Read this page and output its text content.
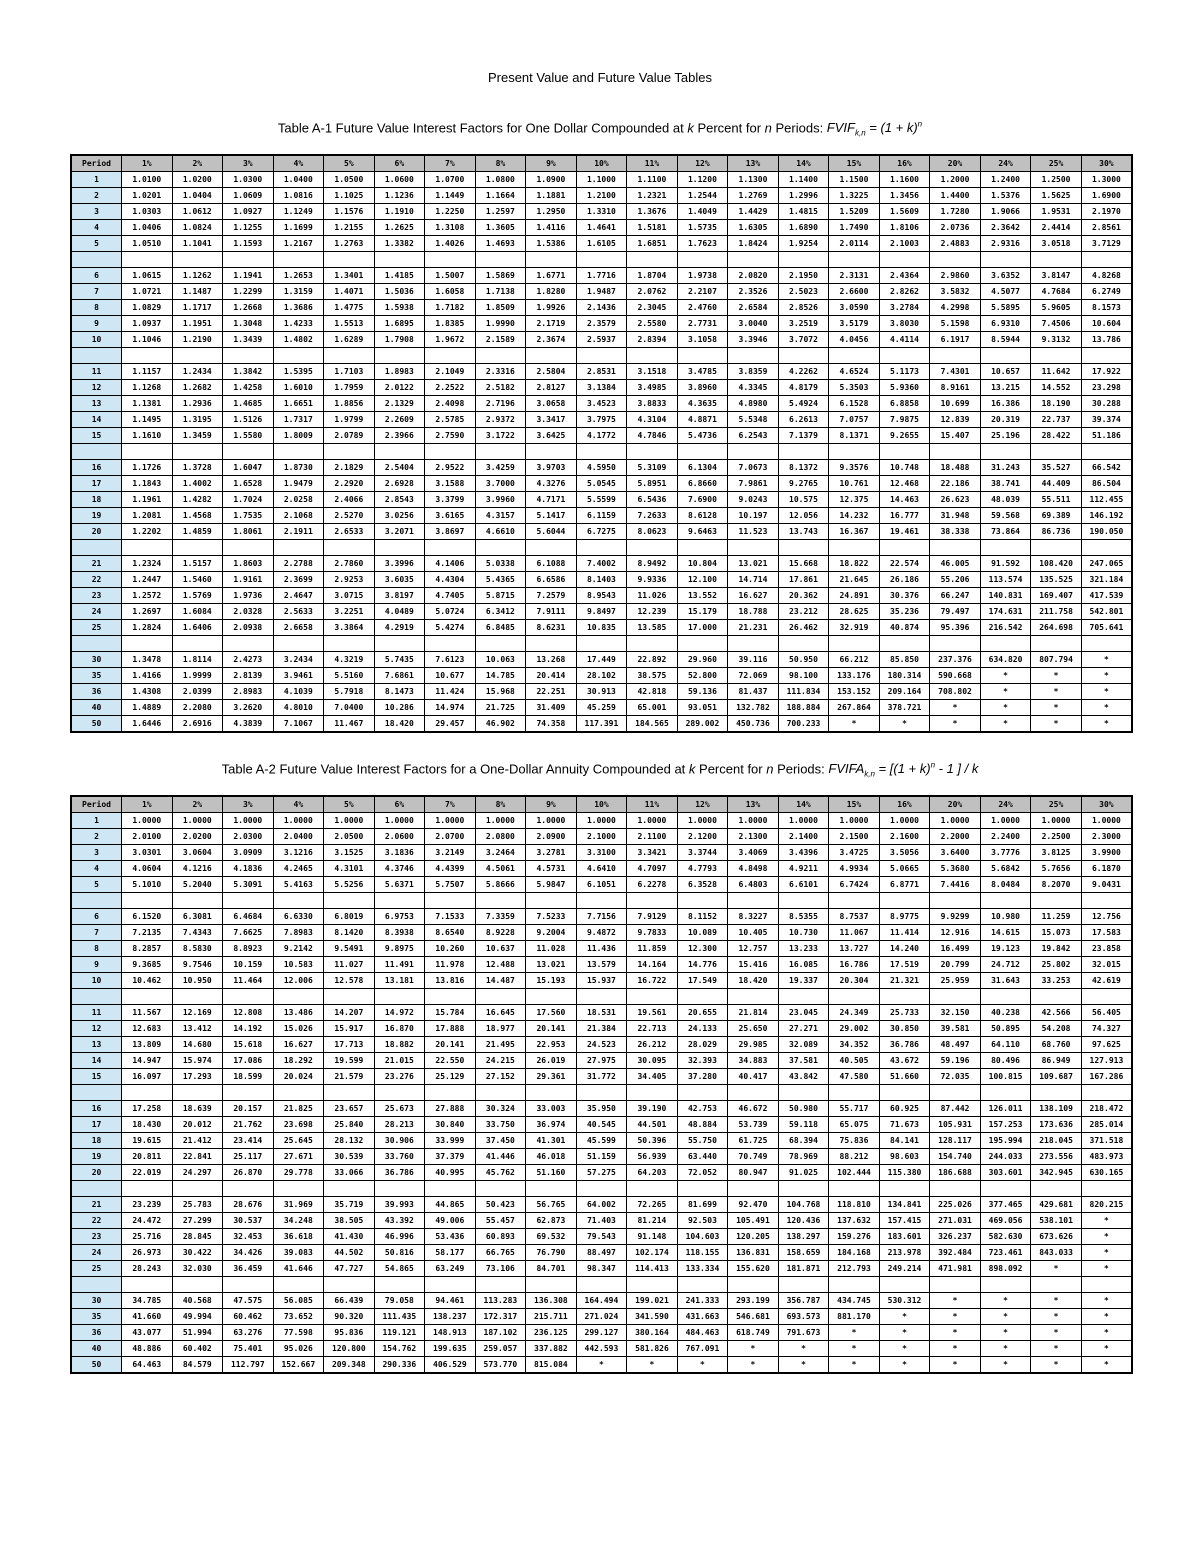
Present Value and Future Value Tables
Table A-1 Future Value Interest Factors for One Dollar Compounded at k Percent for n Periods: $FVIF_{k,n} = (1 + k)^n$
Period	1%	2%	3%	4%	5%	6%	7%	8%	9%	10%	11%	12%	13%	14%	15%	16%	20%	24%	25%	30%
1	1.0100	1.0200	1.0300	1.0400	1.0500	1.0600	1.0700	1.0800	1.0900	1.1000	1.1100	1.1200	1.1300	1.1400	1.1500	1.1600	1.2000	1.2400	1.2500	1.3000
2	1.0201	1.0404	1.0609	1.0816	1.1025	1.1236	1.1449	1.1664	1.1881	1.2100	1.2321	1.2544	1.2769	1.2996	1.3225	1.3456	1.4400	1.5376	1.5625	1.6900
3	1.0303	1.0612	1.0927	1.1249	1.1576	1.1910	1.2250	1.2597	1.2950	1.3310	1.3676	1.4049	1.4429	1.4815	1.5209	1.5609	1.7280	1.9066	1.9531	2.1970
4	1.0406	1.0824	1.1255	1.1699	1.2155	1.2625	1.3108	1.3605	1.4116	1.4641	1.5181	1.5735	1.6305	1.6890	1.7490	1.8106	2.0736	2.3642	2.4414	2.8561
5	1.0510	1.1041	1.1593	1.2167	1.2763	1.3382	1.4026	1.4693	1.5386	1.6105	1.6851	1.7623	1.8424	1.9254	2.0114	2.1003	2.4883	2.9316	3.0518	3.7129

6	1.0615	1.1262	1.1941	1.2653	1.3401	1.4185	1.5007	1.5869	1.6771	1.7716	1.8704	1.9738	2.0820	2.1950	2.3131	2.4364	2.9860	3.6352	3.8147	4.8268
7	1.0721	1.1487	1.2299	1.3159	1.4071	1.5036	1.6058	1.7138	1.8280	1.9487	2.0762	2.2107	2.3526	2.5023	2.6600	2.8262	3.5832	4.5077	4.7684	6.2749
8	1.0829	1.1717	1.2668	1.3686	1.4775	1.5938	1.7182	1.8509	1.9926	2.1436	2.3045	2.4760	2.6584	2.8526	3.0590	3.2784	4.2998	5.5895	5.9605	8.1573
9	1.0937	1.1951	1.3048	1.4233	1.5513	1.6895	1.8385	1.9990	2.1719	2.3579	2.5580	2.7731	3.0040	3.2519	3.5179	3.8030	5.1598	6.9310	7.4506	10.604
10	1.1046	1.2190	1.3439	1.4802	1.6289	1.7908	1.9672	2.1589	2.3674	2.5937	2.8394	3.1058	3.3946	3.7072	4.0456	4.4114	6.1917	8.5944	9.3132	13.786

11	1.1157	1.2434	1.3842	1.5395	1.7103	1.8983	2.1049	2.3316	2.5804	2.8531	3.1518	3.4785	3.8359	4.2262	4.6524	5.1173	7.4301	10.657	11.642	17.922
12	1.1268	1.2682	1.4258	1.6010	1.7959	2.0122	2.2522	2.5182	2.8127	3.1384	3.4985	3.8960	4.3345	4.8179	5.3503	5.9360	8.9161	13.215	14.552	23.298
13	1.1381	1.2936	1.4685	1.6651	1.8856	2.1329	2.4098	2.7196	3.0658	3.4523	3.8833	4.3635	4.8980	5.4924	6.1528	6.8858	10.699	16.386	18.190	30.288
14	1.1495	1.3195	1.5126	1.7317	1.9799	2.2609	2.5785	2.9372	3.3417	3.7975	4.3104	4.8871	5.5348	6.2613	7.0757	7.9875	12.839	20.319	22.737	39.374
15	1.1610	1.3459	1.5580	1.8009	2.0789	2.3966	2.7590	3.1722	3.6425	4.1772	4.7846	5.4736	6.2543	7.1379	8.1371	9.2655	15.407	25.196	28.422	51.186

16	1.1726	1.3728	1.6047	1.8730	2.1829	2.5404	2.9522	3.4259	3.9703	4.5950	5.3109	6.1304	7.0673	8.1372	9.3576	10.748	18.488	31.243	35.527	66.542
17	1.1843	1.4002	1.6528	1.9479	2.2920	2.6928	3.1588	3.7000	4.3276	5.0545	5.8951	6.8660	7.9861	9.2765	10.761	12.468	22.186	38.741	44.409	86.504
18	1.1961	1.4282	1.7024	2.0258	2.4066	2.8543	3.3799	3.9960	4.7171	5.5599	6.5436	7.6900	9.0243	10.575	12.375	14.463	26.623	48.039	55.511	112.455
19	1.2081	1.4568	1.7535	2.1068	2.5270	3.0256	3.6165	4.3157	5.1417	6.1159	7.2633	8.6128	10.197	12.056	14.232	16.777	31.948	59.568	69.389	146.192
20	1.2202	1.4859	1.8061	2.1911	2.6533	3.2071	3.8697	4.6610	5.6044	6.7275	8.0623	9.6463	11.523	13.743	16.367	19.461	38.338	73.864	86.736	190.050

21	1.2324	1.5157	1.8603	2.2788	2.7860	3.3996	4.1406	5.0338	6.1088	7.4002	8.9492	10.804	13.021	15.668	18.822	22.574	46.005	91.592	108.420	247.065
22	1.2447	1.5460	1.9161	2.3699	2.9253	3.6035	4.4304	5.4365	6.6586	8.1403	9.9336	12.100	14.714	17.861	21.645	26.186	55.206	113.574	135.525	321.184
23	1.2572	1.5769	1.9736	2.4647	3.0715	3.8197	4.7405	5.8715	7.2579	8.9543	11.026	13.552	16.627	20.362	24.891	30.376	66.247	140.831	169.407	417.539
24	1.2697	1.6084	2.0328	2.5633	3.2251	4.0489	5.0724	6.3412	7.9111	9.8497	12.239	15.179	18.788	23.212	28.625	35.236	79.497	174.631	211.758	542.801
25	1.2824	1.6406	2.0938	2.6658	3.3864	4.2919	5.4274	6.8485	8.6231	10.835	13.585	17.000	21.231	26.462	32.919	40.874	95.396	216.542	264.698	705.641

30	1.3478	1.8114	2.4273	3.2434	4.3219	5.7435	7.6123	10.063	13.268	17.449	22.892	29.960	39.116	50.950	66.212	85.850	237.376	634.820	807.794	*
35	1.4166	1.9999	2.8139	3.9461	5.5160	7.6861	10.677	14.785	20.414	28.102	38.575	52.800	72.069	98.100	133.176	180.314	590.668	*	*	*
36	1.4308	2.0399	2.8983	4.1039	5.7918	8.1473	11.424	15.968	22.251	30.913	42.818	59.136	81.437	111.834	153.152	209.164	708.802	*	*	*
40	1.4889	2.2080	3.2620	4.8010	7.0400	10.286	14.974	21.725	31.409	45.259	65.001	93.051	132.782	188.884	267.864	378.721	*	*	*	*
50	1.6446	2.6916	4.3839	7.1067	11.467	18.420	29.457	46.902	74.358	117.391	184.565	289.002	450.736	700.233	*	*	*	*	*	*
Table A-2 Future Value Interest Factors for a One-Dollar Annuity Compounded at k Percent for n Periods: $FVIFA_{k,n} = [(1 + k)^n - 1$ ] / k
Period	1%	2%	3%	4%	5%	6%	7%	8%	9%	10%	11%	12%	13%	14%	15%	16%	20%	24%	25%	30%
1	1.0000	1.0000	1.0000	1.0000	1.0000	1.0000	1.0000	1.0000	1.0000	1.0000	1.0000	1.0000	1.0000	1.0000	1.0000	1.0000	1.0000	1.0000	1.0000	1.0000
2	2.0100	2.0200	2.0300	2.0400	2.0500	2.0600	2.0700	2.0800	2.0900	2.1000	2.1100	2.1200	2.1300	2.1400	2.1500	2.1600	2.2000	2.2400	2.2500	2.3000
3	3.0301	3.0604	3.0909	3.1216	3.1525	3.1836	3.2149	3.2464	3.2781	3.3100	3.3421	3.3744	3.4069	3.4396	3.4725	3.5056	3.6400	3.7776	3.8125	3.9900
4	4.0604	4.1216	4.1836	4.2465	4.3101	4.3746	4.4399	4.5061	4.5731	4.6410	4.7097	4.7793	4.8498	4.9211	4.9934	5.0665	5.3680	5.6842	5.7656	6.1870
5	5.1010	5.2040	5.3091	5.4163	5.5256	5.6371	5.7507	5.8666	5.9847	6.1051	6.2278	6.3528	6.4803	6.6101	6.7424	6.8771	7.4416	8.0484	8.2070	9.0431

6	6.1520	6.3081	6.4684	6.6330	6.8019	6.9753	7.1533	7.3359	7.5233	7.7156	7.9129	8.1152	8.3227	8.5355	8.7537	8.9775	9.9299	10.980	11.259	12.756
7	7.2135	7.4343	7.6625	7.8983	8.1420	8.3938	8.6540	8.9228	9.2004	9.4872	9.7833	10.089	10.405	10.730	11.067	11.414	12.916	14.615	15.073	17.583
8	8.2857	8.5830	8.8923	9.2142	9.5491	9.8975	10.260	10.637	11.028	11.436	11.859	12.300	12.757	13.233	13.727	14.240	16.499	19.123	19.842	23.858
9	9.3685	9.7546	10.159	10.583	11.027	11.491	11.978	12.488	13.021	13.579	14.164	14.776	15.416	16.085	16.786	17.519	20.799	24.712	25.802	32.015
10	10.462	10.950	11.464	12.006	12.578	13.181	13.816	14.487	15.193	15.937	16.722	17.549	18.420	19.337	20.304	21.321	25.959	31.643	33.253	42.619

11	11.567	12.169	12.808	13.486	14.207	14.972	15.784	16.645	17.560	18.531	19.561	20.655	21.814	23.045	24.349	25.733	32.150	40.238	42.566	56.405
12	12.683	13.412	14.192	15.026	15.917	16.870	17.888	18.977	20.141	21.384	22.713	24.133	25.650	27.271	29.002	30.850	39.581	50.895	54.208	74.327
13	13.809	14.680	15.618	16.627	17.713	18.882	20.141	21.495	22.953	24.523	26.212	28.029	29.985	32.089	34.352	36.786	48.497	64.110	68.760	97.625
14	14.947	15.974	17.086	18.292	19.599	21.015	22.550	24.215	26.019	27.975	30.095	32.393	34.883	37.581	40.505	43.672	59.196	80.496	86.949	127.913
15	16.097	17.293	18.599	20.024	21.579	23.276	25.129	27.152	29.361	31.772	34.405	37.280	40.417	43.842	47.580	51.660	72.035	100.815	109.687	167.286

16	17.258	18.639	20.157	21.825	23.657	25.673	27.888	30.324	33.003	35.950	39.190	42.753	46.672	50.980	55.717	60.925	87.442	126.011	138.109	218.472
17	18.430	20.012	21.762	23.698	25.840	28.213	30.840	33.750	36.974	40.545	44.501	48.884	53.739	59.118	65.075	71.673	105.931	157.253	173.636	285.014
18	19.615	21.412	23.414	25.645	28.132	30.906	33.999	37.450	41.301	45.599	50.396	55.750	61.725	68.394	75.836	84.141	128.117	195.994	218.045	371.518
19	20.811	22.841	25.117	27.671	30.539	33.760	37.379	41.446	46.018	51.159	56.939	63.440	70.749	78.969	88.212	98.603	154.740	244.033	273.556	483.973
20	22.019	24.297	26.870	29.778	33.066	36.786	40.995	45.762	51.160	57.275	64.203	72.052	80.947	91.025	102.444	115.380	186.688	303.601	342.945	630.165

21	23.239	25.783	28.676	31.969	35.719	39.993	44.865	50.423	56.765	64.002	72.265	81.699	92.470	104.768	118.810	134.841	225.026	377.465	429.681	820.215
22	24.472	27.299	30.537	34.248	38.505	43.392	49.006	55.457	62.873	71.403	81.214	92.503	105.491	120.436	137.632	157.415	271.031	469.056	538.101	*
23	25.716	28.845	32.453	36.618	41.430	46.996	53.436	60.893	69.532	79.543	91.148	104.603	120.205	138.297	159.276	183.601	326.237	582.630	673.626	*
24	26.973	30.422	34.426	39.083	44.502	50.816	58.177	66.765	76.790	88.497	102.174	118.155	136.831	158.659	184.168	213.978	392.484	723.461	843.033	*
25	28.243	32.030	36.459	41.646	47.727	54.865	63.249	73.106	84.701	98.347	114.413	133.334	155.620	181.871	212.793	249.214	471.981	898.092	*	*

30	34.785	40.568	47.575	56.085	66.439	79.058	94.461	113.283	136.308	164.494	199.021	241.333	293.199	356.787	434.745	530.312	*	*	*	*
35	41.660	49.994	60.462	73.652	90.320	111.435	138.237	172.317	215.711	271.024	341.590	431.663	546.681	693.573	881.170	*	*	*	*	*
36	43.077	51.994	63.276	77.598	95.836	119.121	148.913	187.102	236.125	299.127	380.164	484.463	618.749	791.673	*	*	*	*	*	*
40	48.886	60.402	75.401	95.026	120.800	154.762	199.635	259.057	337.882	442.593	581.826	767.091	*	*	*	*	*	*	*	*
50	64.463	84.579	112.797	152.667	209.348	290.336	406.529	573.770	815.084	*	*	*	*	*	*	*	*	*	*	*
